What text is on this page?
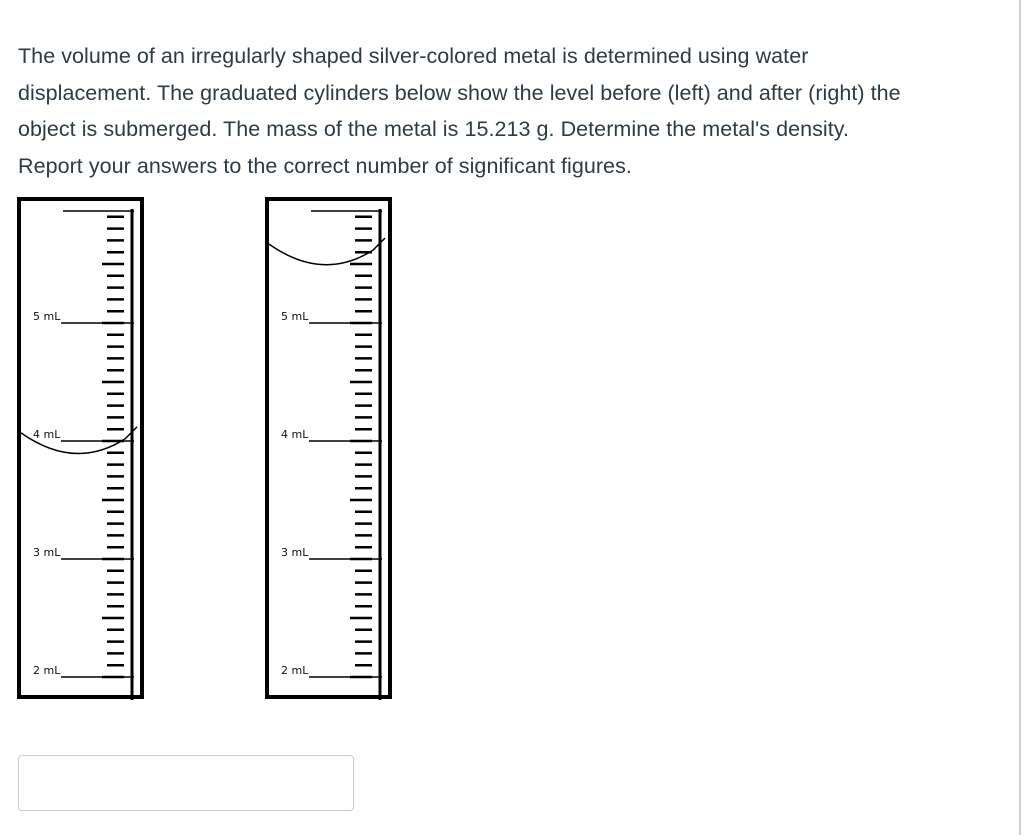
The volume of an irregularly shaped silver-colored metal is determined using water
displacement. The graduated cylinders below show the level before (left) and after (right) the
object is submerged. The mass of the metal is 15.213 g. Determine the metal's density.
Report your answers to the correct number of significant figures.
5 mL
4 mL
3 mL
2 mL
5 mL
4 mL
3 mL
2 mL
